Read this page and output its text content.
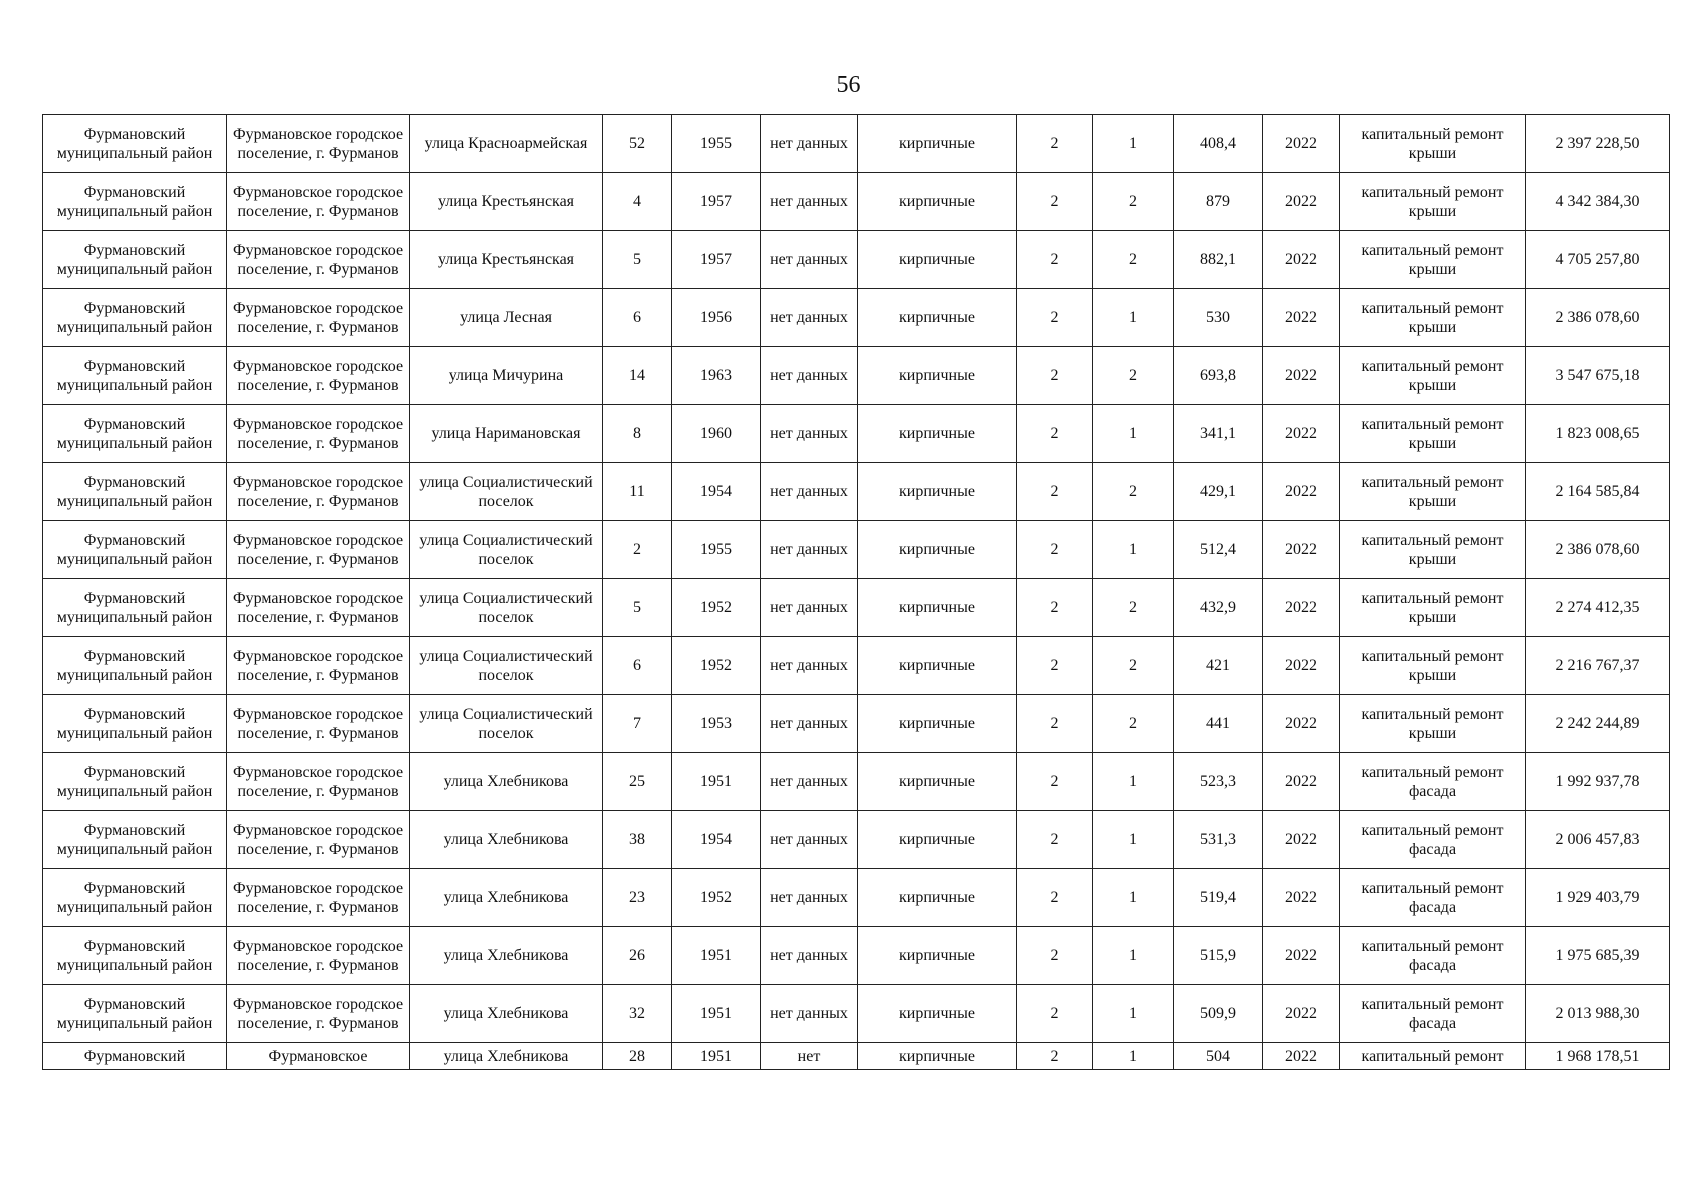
56
Фурмановский муниципальный район	Фурмановское городское поселение, г. Фурманов	улица Красноармейская	52	1955	нет данных	кирпичные	2	1	408,4	2022	капитальный ремонт крыши	2 397 228,50
Фурмановский муниципальный район	Фурмановское городское поселение, г. Фурманов	улица Крестьянская	4	1957	нет данных	кирпичные	2	2	879	2022	капитальный ремонт крыши	4 342 384,30
Фурмановский муниципальный район	Фурмановское городское поселение, г. Фурманов	улица Крестьянская	5	1957	нет данных	кирпичные	2	2	882,1	2022	капитальный ремонт крыши	4 705 257,80
Фурмановский муниципальный район	Фурмановское городское поселение, г. Фурманов	улица Лесная	6	1956	нет данных	кирпичные	2	1	530	2022	капитальный ремонт крыши	2 386 078,60
Фурмановский муниципальный район	Фурмановское городское поселение, г. Фурманов	улица Мичурина	14	1963	нет данных	кирпичные	2	2	693,8	2022	капитальный ремонт крыши	3 547 675,18
Фурмановский муниципальный район	Фурмановское городское поселение, г. Фурманов	улица Наримановская	8	1960	нет данных	кирпичные	2	1	341,1	2022	капитальный ремонт крыши	1 823 008,65
Фурмановский муниципальный район	Фурмановское городское поселение, г. Фурманов	улица Социалистический поселок	11	1954	нет данных	кирпичные	2	2	429,1	2022	капитальный ремонт крыши	2 164 585,84
Фурмановский муниципальный район	Фурмановское городское поселение, г. Фурманов	улица Социалистический поселок	2	1955	нет данных	кирпичные	2	1	512,4	2022	капитальный ремонт крыши	2 386 078,60
Фурмановский муниципальный район	Фурмановское городское поселение, г. Фурманов	улица Социалистический поселок	5	1952	нет данных	кирпичные	2	2	432,9	2022	капитальный ремонт крыши	2 274 412,35
Фурмановский муниципальный район	Фурмановское городское поселение, г. Фурманов	улица Социалистический поселок	6	1952	нет данных	кирпичные	2	2	421	2022	капитальный ремонт крыши	2 216 767,37
Фурмановский муниципальный район	Фурмановское городское поселение, г. Фурманов	улица Социалистический поселок	7	1953	нет данных	кирпичные	2	2	441	2022	капитальный ремонт крыши	2 242 244,89
Фурмановский муниципальный район	Фурмановское городское поселение, г. Фурманов	улица Хлебникова	25	1951	нет данных	кирпичные	2	1	523,3	2022	капитальный ремонт фасада	1 992 937,78
Фурмановский муниципальный район	Фурмановское городское поселение, г. Фурманов	улица Хлебникова	38	1954	нет данных	кирпичные	2	1	531,3	2022	капитальный ремонт фасада	2 006 457,83
Фурмановский муниципальный район	Фурмановское городское поселение, г. Фурманов	улица Хлебникова	23	1952	нет данных	кирпичные	2	1	519,4	2022	капитальный ремонт фасада	1 929 403,79
Фурмановский муниципальный район	Фурмановское городское поселение, г. Фурманов	улица Хлебникова	26	1951	нет данных	кирпичные	2	1	515,9	2022	капитальный ремонт фасада	1 975 685,39
Фурмановский муниципальный район	Фурмановское городское поселение, г. Фурманов	улица Хлебникова	32	1951	нет данных	кирпичные	2	1	509,9	2022	капитальный ремонт фасада	2 013 988,30
Фурмановский	Фурмановское	улица Хлебникова	28	1951	нет	кирпичные	2	1	504	2022	капитальный ремонт	1 968 178,51
